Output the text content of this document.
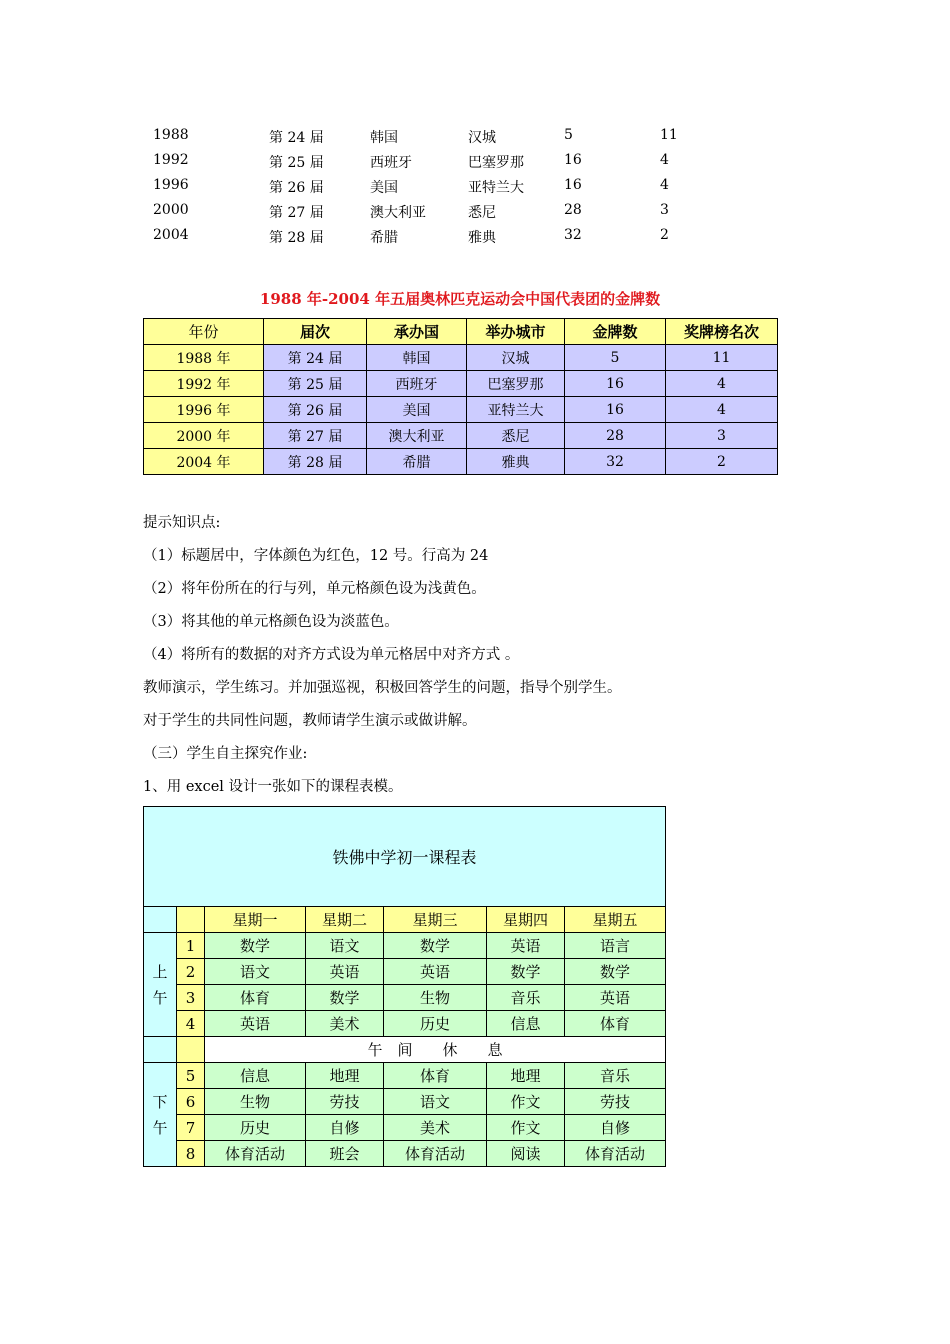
1988	第 24 届	韩国	汉城	5	11
1992	第 25 届	西班牙	巴塞罗那	16	4
1996	第 26 届	美国	亚特兰大	16	4
2000	第 27 届	澳大利亚	悉尼	28	3
2004	第 28 届	希腊	雅典	32	2
1988 年-2004 年五届奥林匹克运动会中国代表团的金牌数
年份	届次	承办国	举办城市	金牌数	奖牌榜名次
1988 年	第 24 届	韩国	汉城	5	11
1992 年	第 25 届	西班牙	巴塞罗那	16	4
1996 年	第 26 届	美国	亚特兰大	16	4
2000 年	第 27 届	澳大利亚	悉尼	28	3
2004 年	第 28 届	希腊	雅典	32	2
提示知识点:
（1）标题居中，字体颜色为红色，12 号。行高为 24
（2）将年份所在的行与列，单元格颜色设为浅黄色。
（3）将其他的单元格颜色设为淡蓝色。
（4）将所有的数据的对齐方式设为单元格居中对齐方式 。
教师演示，学生练习。并加强巡视，积极回答学生的问题，指导个别学生。
对于学生的共同性问题，教师请学生演示或做讲解。
（三）学生自主探究作业:
1、用 excel 设计一张如下的课程表模。
铁佛中学初一课程表						
		星期一	星期二	星期三	星期四	星期五
上
午	1	数学	语文	数学	英语	语言
	2	语文	英语	英语	数学	数学
	3	体育	数学	生物	音乐	英语
	4	英语	美术	历史	信息	体育
		午　间　　休　　息				
下
午	5	信息	地理	体育	地理	音乐
	6	生物	劳技	语文	作文	劳技
	7	历史	自修	美术	作文	自修
	8	体育活动	班会	体育活动	阅读	体育活动
